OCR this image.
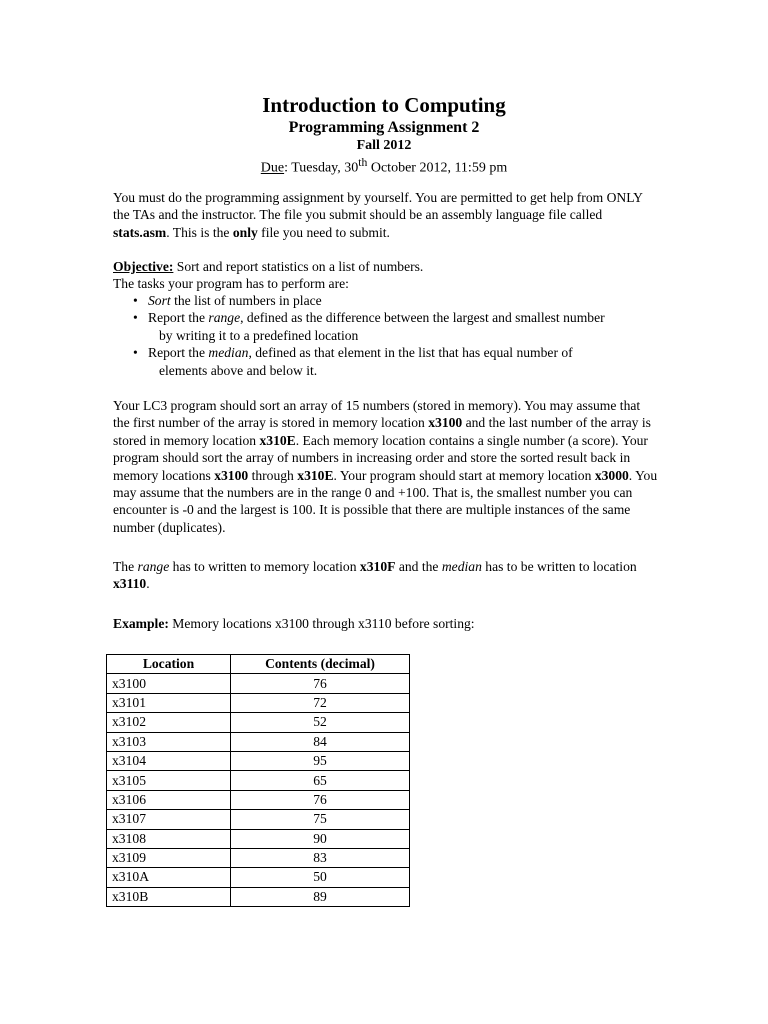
Introduction to Computing
Programming Assignment 2
Fall 2012
Due: Tuesday, 30th October 2012, 11:59 pm
You must do the programming assignment by yourself. You are permitted to get help from ONLY the TAs and the instructor. The file you submit should be an assembly language file called stats.asm. This is the only file you need to submit.
Objective: Sort and report statistics on a list of numbers.
The tasks your program has to perform are:
• Sort the list of numbers in place
• Report the range, defined as the difference between the largest and smallest number
by writing it to a predefined location
• Report the median, defined as that element in the list that has equal number of
elements above and below it.
Your LC3 program should sort an array of 15 numbers (stored in memory). You may assume that the first number of the array is stored in memory location x3100 and the last number of the array is stored in memory location x310E. Each memory location contains a single number (a score). Your program should sort the array of numbers in increasing order and store the sorted result back in memory locations x3100 through x310E. Your program should start at memory location x3000. You may assume that the numbers are in the range 0 and +100. That is, the smallest number you can encounter is -0 and the largest is 100. It is possible that there are multiple instances of the same number (duplicates).
The range has to written to memory location x310F and the median has to be written to location x3110.
Example: Memory locations x3100 through x3110 before sorting:
Location	Contents (decimal)
x3100	76
x3101	72
x3102	52
x3103	84
x3104	95
x3105	65
x3106	76
x3107	75
x3108	90
x3109	83
x310A	50
x310B	89
